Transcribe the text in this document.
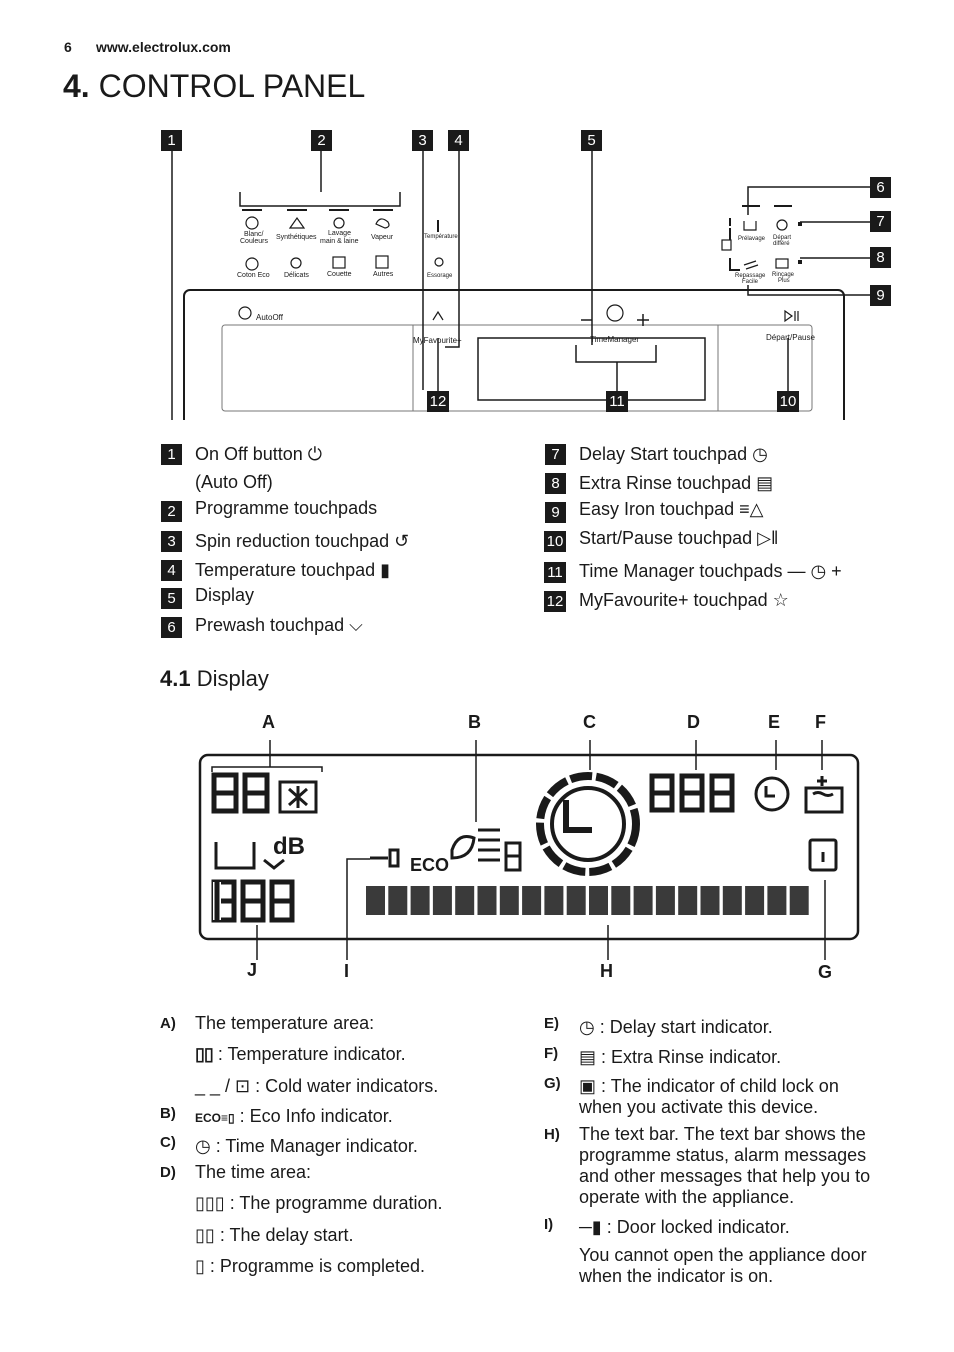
6 www.electrolux.com
4. CONTROL PANEL
Blanc/
Couleurs
Synthétiques
Lavage
main & laine
Vapeur
Coton Eco Délicats	Couette	Autres
Température
Essorage
Prélavage Départ
différé
Repassage
Facile
Rinçage
Plus
AutoOff
MyFavourite+	TimeManager	Départ/Pause
1	2	3	4	5
6
7
8
9
10
11
12
1	On Off button ⏻
(Auto Off)
2	Programme touchpads
3	Spin reduction touchpad ↺
4	Temperature touchpad ▮
5	Display
6	Prewash touchpad ⌵
7	Delay Start touchpad ◷
8	Extra Rinse touchpad ▤
9	Easy Iron touchpad ≡△
10 Start/Pause touchpad ▷‖
11 Time Manager touchpads — ◷ +
12 MyFavourite+ touchpad ☆
4.1 Display
A	B	C	D	E F
J	I	H	G
dB
ECO
A) The temperature area:
▯▯ : Temperature indicator.
_ _ / ⊡ : Cold water indicators.
B) ECO≡▯ : Eco Info indicator.
C) ◷ : Time Manager indicator.
D) The time area:
▯▯▯ : The programme duration.
▯▯ : The delay start.
▯ : Programme is completed.
E) ◷ : Delay start indicator.
F) ▤ : Extra Rinse indicator.
G) ▣ : The indicator of child lock on
when you activate this device.
H) The text bar. The text bar shows the
programme status, alarm messages
and other messages that help you to
operate with the appliance.
I) ─▮ : Door locked indicator.
You cannot open the appliance door
when the indicator is on.
